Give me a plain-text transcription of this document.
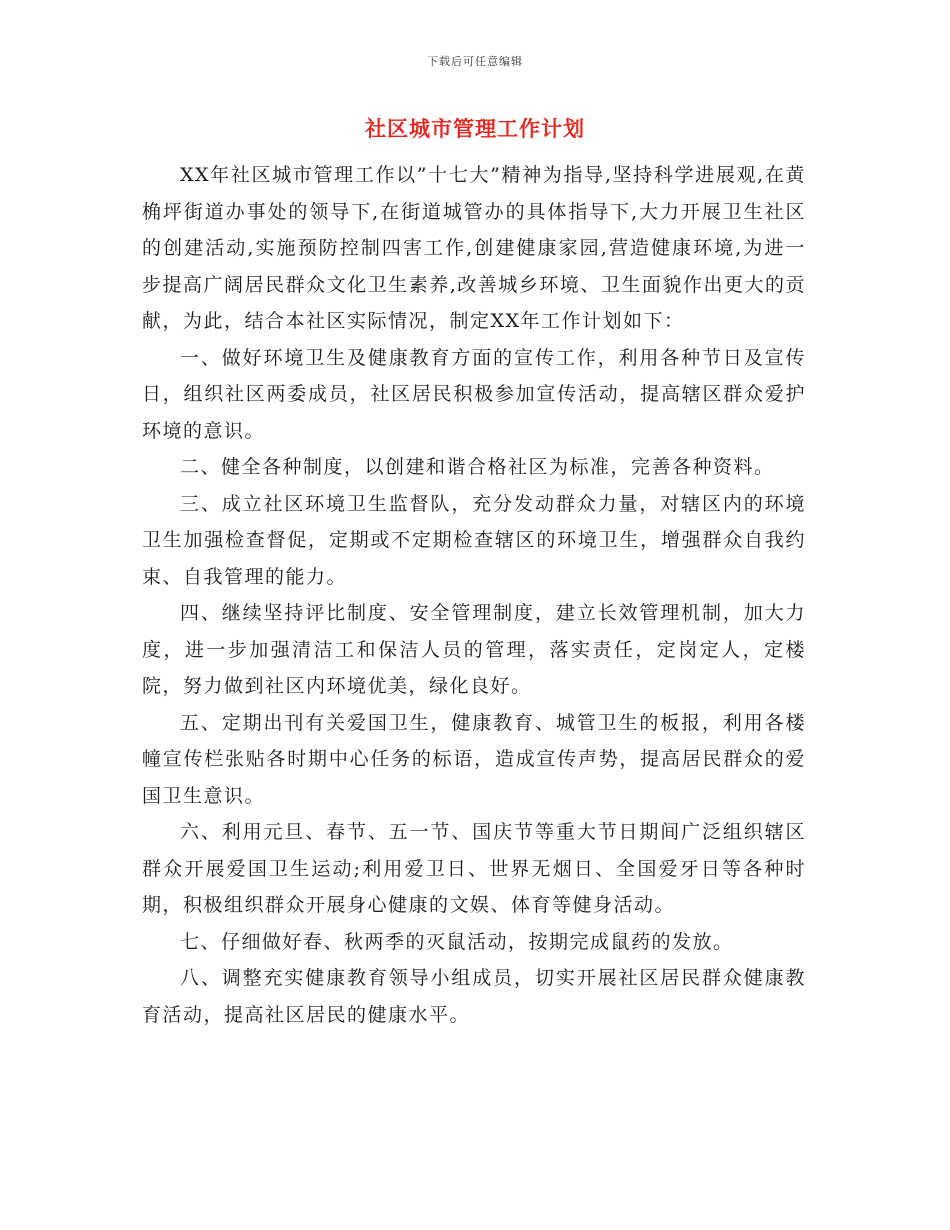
下载后可任意编辑
社区城市管理工作计划

XX年社区城市管理工作以”十七大”精神为指导,坚持科学进展观,在黄桷坪街道办事处的领导下,在街道城管办的具体指导下,大力开展卫生社区的创建活动,实施预防控制四害工作,创建健康家园,营造健康环境,为进一步提高广阔居民群众文化卫生素养,改善城乡环境、卫生面貌作出更大的贡献，为此，结合本社区实际情况，制定XX年工作计划如下：

一、做好环境卫生及健康教育方面的宣传工作，利用各种节日及宣传日，组织社区两委成员，社区居民积极参加宣传活动，提高辖区群众爱护环境的意识。

二、健全各种制度，以创建和谐合格社区为标准，完善各种资料。

三、成立社区环境卫生监督队，充分发动群众力量，对辖区内的环境卫生加强检查督促，定期或不定期检查辖区的环境卫生，增强群众自我约束、自我管理的能力。

四、继续坚持评比制度、安全管理制度，建立长效管理机制，加大力度，进一步加强清洁工和保洁人员的管理，落实责任，定岗定人，定楼院，努力做到社区内环境优美，绿化良好。

五、定期出刊有关爱国卫生，健康教育、城管卫生的板报，利用各楼幢宣传栏张贴各时期中心任务的标语，造成宣传声势，提高居民群众的爱国卫生意识。

六、利用元旦、春节、五一节、国庆节等重大节日期间广泛组织辖区群众开展爱国卫生运动;利用爱卫日、世界无烟日、全国爱牙日等各种时期，积极组织群众开展身心健康的文娱、体育等健身活动。

七、仔细做好春、秋两季的灭鼠活动，按期完成鼠药的发放。

八、调整充实健康教育领导小组成员，切实开展社区居民群众健康教育活动，提高社区居民的健康水平。
